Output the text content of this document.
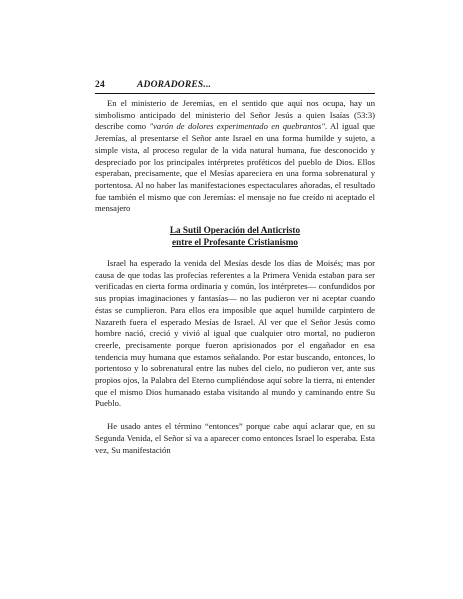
24	ADORADORES...

En el ministerio de Jeremías, en el sentido que aquí nos ocupa, hay un simbolismo anticipado del ministerio del Señor Jesús a quien Isaías (53:3) describe como "varón de dolores experimentado en quebrantos". Al igual que Jeremías, al presentarse el Señor ante Israel en una forma humilde y sujeto, a simple vista, al proceso regular de la vida natural humana, fue desconocido y despreciado por los principales intérpretes proféticos del pueblo de Dios. Ellos esperaban, precisamente, que el Mesías apareciera en una forma sobrenatural y portentosa. Al no haber las manifestaciones espectaculares añoradas, el resultado fue también el mismo que con Jeremías: el mensaje no fue creído ni aceptado el mensajero

La Sutil Operación del Anticristo
entre el Profesante Cristianismo

Israel ha esperado la venida del Mesías desde los días de Moisés; mas por causa de que todas las profecías referentes a la Primera Venida estaban para ser verificadas en cierta forma ordinaria y común, los intérpretes— confundidos por sus propias imaginaciones y fantasías— no las pudieron ver ni aceptar cuando éstas se cumplieron. Para ellos era imposible que aquel humilde carpintero de Nazareth fuera el esperado Mesías de Israel. Al ver que el Señor Jesús como hombre nació, creció y vivió al igual que cualquier otro mortal, no pudieron creerle, precisamente porque fueron aprisionados por el engañador en esa tendencia muy humana que estamos señalando. Por estar buscando, entonces, lo portentoso y lo sobrenatural entre las nubes del cielo, no pudieron ver, ante sus propios ojos, la Palabra del Eterno cumpliéndose aquí sobre la tierra, ni entender que el mismo Dios humanado estaba visitando al mundo y caminando entre Su Pueblo.

He usado antes el término “entonces” porque cabe aquí aclarar que, en su Segunda Venida, el Señor sí va a aparecer como entonces Israel lo esperaba. Esta vez, Su manifestación
